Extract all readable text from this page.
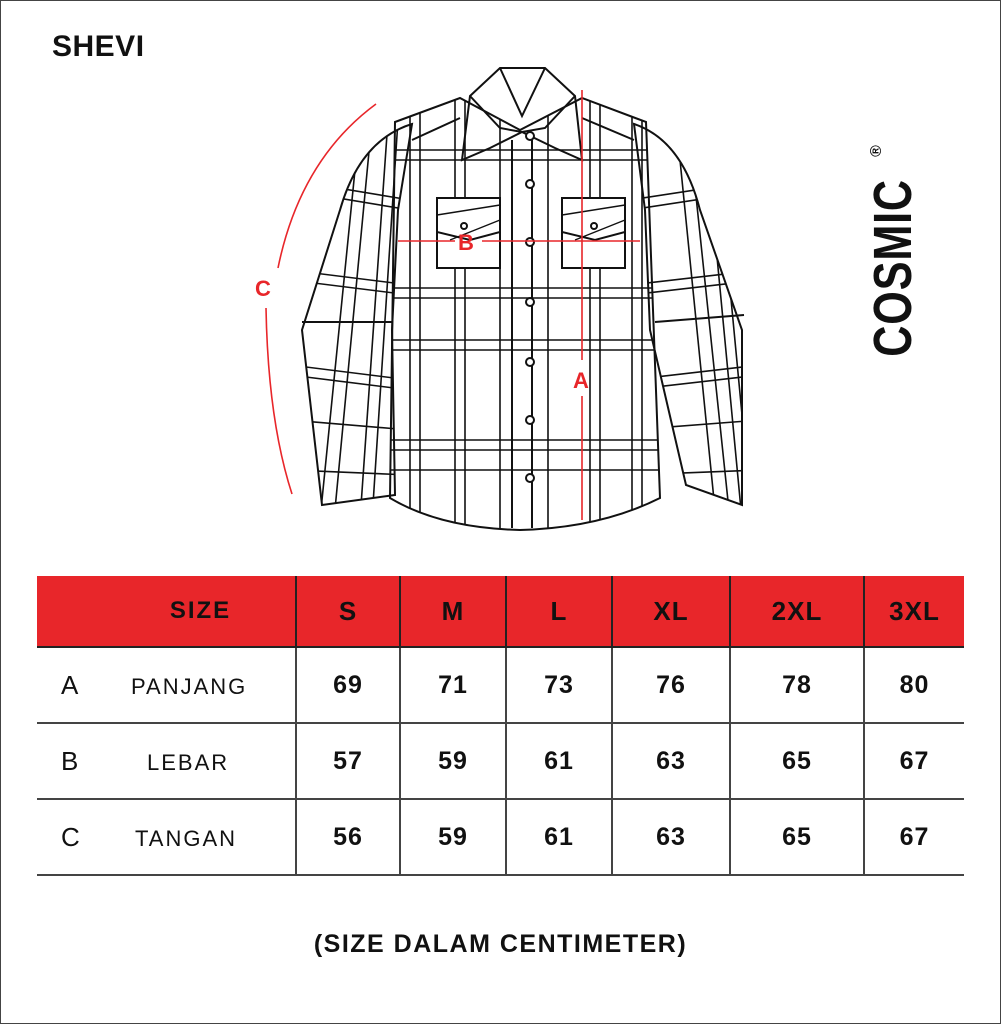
SHEVI
COSMIC®
A
B
C
SIZE	S	M	L	XL	2XL	3XL
A PANJANG	69	71	73	76	78	80
B LEBAR	57	59	61	63	65	67
C TANGAN	56	59	61	63	65	67
(SIZE DALAM CENTIMETER)
